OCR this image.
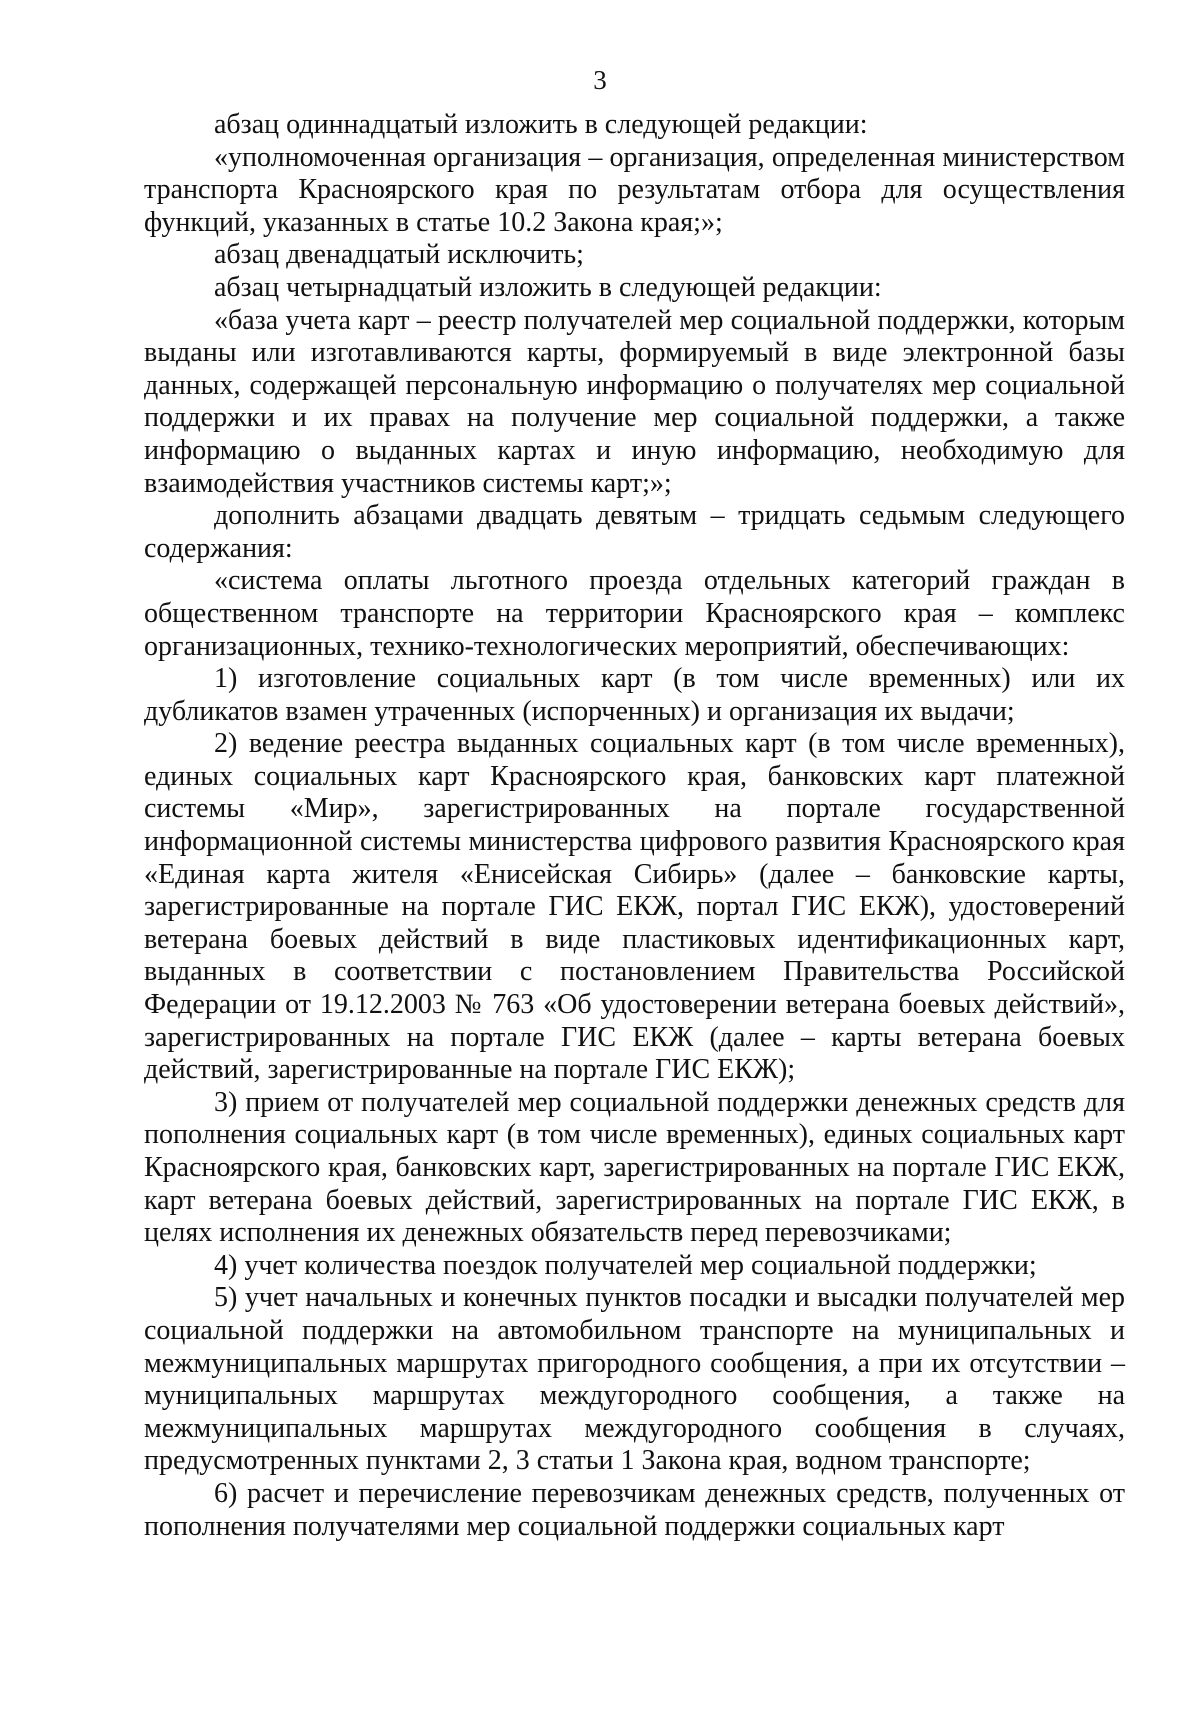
3

абзац одиннадцатый изложить в следующей редакции:

«уполномоченная организация – организация, определенная министерством транспорта Красноярского края по результатам отбора для осуществления функций, указанных в статье 10.2 Закона края;»;

абзац двенадцатый исключить;

абзац четырнадцатый изложить в следующей редакции:

«база учета карт – реестр получателей мер социальной поддержки, которым выданы или изготавливаются карты, формируемый в виде электронной базы данных, содержащей персональную информацию о получателях мер социальной поддержки и их правах на получение мер социальной поддержки, а также информацию о выданных картах и иную информацию, необходимую для взаимодействия участников системы карт;»;

дополнить абзацами двадцать девятым – тридцать седьмым следующего содержания:

«система оплаты льготного проезда отдельных категорий граждан в общественном транспорте на территории Красноярского края – комплекс организационных, технико-технологических мероприятий, обеспечивающих:

1) изготовление социальных карт (в том числе временных) или их дубликатов взамен утраченных (испорченных) и организация их выдачи;

2) ведение реестра выданных социальных карт (в том числе временных), единых социальных карт Красноярского края, банковских карт платежной системы «Мир», зарегистрированных на портале государственной информационной системы министерства цифрового развития Красноярского края «Единая карта жителя «Енисейская Сибирь» (далее – банковские карты, зарегистрированные на портале ГИС ЕКЖ, портал ГИС ЕКЖ), удостоверений ветерана боевых действий в виде пластиковых идентификационных карт, выданных в соответствии с постановлением Правительства Российской Федерации от 19.12.2003 № 763 «Об удостоверении ветерана боевых действий», зарегистрированных на портале ГИС ЕКЖ (далее – карты ветерана боевых действий, зарегистрированные на портале ГИС ЕКЖ);

3) прием от получателей мер социальной поддержки денежных средств для пополнения социальных карт (в том числе временных), единых социальных карт Красноярского края, банковских карт, зарегистрированных на портале ГИС ЕКЖ, карт ветерана боевых действий, зарегистрированных на портале ГИС ЕКЖ, в целях исполнения их денежных обязательств перед перевозчиками;

4) учет количества поездок получателей мер социальной поддержки;

5) учет начальных и конечных пунктов посадки и высадки получателей мер социальной поддержки на автомобильном транспорте на муниципальных и межмуниципальных маршрутах пригородного сообщения, а при их отсутствии – муниципальных маршрутах междугородного сообщения, а также на межмуниципальных маршрутах междугородного сообщения в случаях, предусмотренных пунктами 2, 3 статьи 1 Закона края, водном транспорте;

6) расчет и перечисление перевозчикам денежных средств, полученных от пополнения получателями мер социальной поддержки социальных карт
